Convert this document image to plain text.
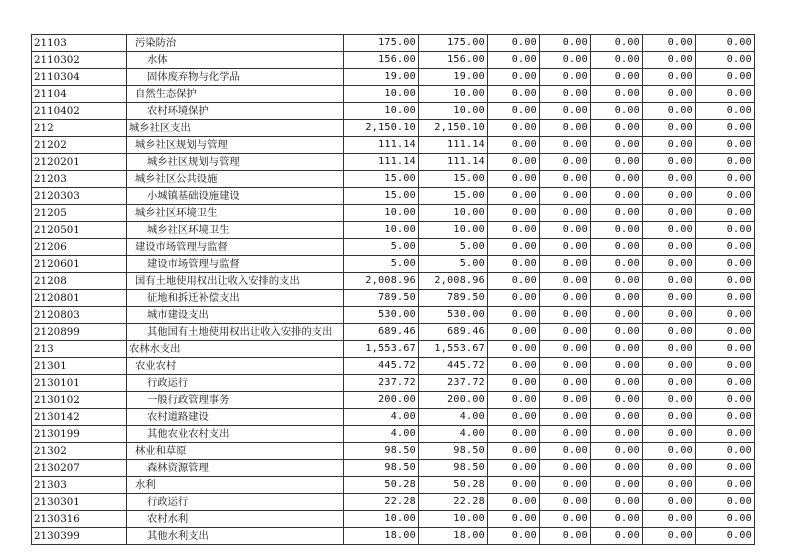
21103	污染防治	175.00	175.00	0.00	0.00	0.00	0.00	0.00
2110302	水体	156.00	156.00	0.00	0.00	0.00	0.00	0.00
2110304	固体废弃物与化学品	19.00	19.00	0.00	0.00	0.00	0.00	0.00
21104	自然生态保护	10.00	10.00	0.00	0.00	0.00	0.00	0.00
2110402	农村环境保护	10.00	10.00	0.00	0.00	0.00	0.00	0.00
212	城乡社区支出	2,150.10	2,150.10	0.00	0.00	0.00	0.00	0.00
21202	城乡社区规划与管理	111.14	111.14	0.00	0.00	0.00	0.00	0.00
2120201	城乡社区规划与管理	111.14	111.14	0.00	0.00	0.00	0.00	0.00
21203	城乡社区公共设施	15.00	15.00	0.00	0.00	0.00	0.00	0.00
2120303	小城镇基础设施建设	15.00	15.00	0.00	0.00	0.00	0.00	0.00
21205	城乡社区环境卫生	10.00	10.00	0.00	0.00	0.00	0.00	0.00
2120501	城乡社区环境卫生	10.00	10.00	0.00	0.00	0.00	0.00	0.00
21206	建设市场管理与监督	5.00	5.00	0.00	0.00	0.00	0.00	0.00
2120601	建设市场管理与监督	5.00	5.00	0.00	0.00	0.00	0.00	0.00
21208	国有土地使用权出让收入安排的支出	2,008.96	2,008.96	0.00	0.00	0.00	0.00	0.00
2120801	征地和拆迁补偿支出	789.50	789.50	0.00	0.00	0.00	0.00	0.00
2120803	城市建设支出	530.00	530.00	0.00	0.00	0.00	0.00	0.00
2120899	其他国有土地使用权出让收入安排的支出	689.46	689.46	0.00	0.00	0.00	0.00	0.00
213	农林水支出	1,553.67	1,553.67	0.00	0.00	0.00	0.00	0.00
21301	农业农村	445.72	445.72	0.00	0.00	0.00	0.00	0.00
2130101	行政运行	237.72	237.72	0.00	0.00	0.00	0.00	0.00
2130102	一般行政管理事务	200.00	200.00	0.00	0.00	0.00	0.00	0.00
2130142	农村道路建设	4.00	4.00	0.00	0.00	0.00	0.00	0.00
2130199	其他农业农村支出	4.00	4.00	0.00	0.00	0.00	0.00	0.00
21302	林业和草原	98.50	98.50	0.00	0.00	0.00	0.00	0.00
2130207	森林资源管理	98.50	98.50	0.00	0.00	0.00	0.00	0.00
21303	水利	50.28	50.28	0.00	0.00	0.00	0.00	0.00
2130301	行政运行	22.28	22.28	0.00	0.00	0.00	0.00	0.00
2130316	农村水利	10.00	10.00	0.00	0.00	0.00	0.00	0.00
2130399	其他水利支出	18.00	18.00	0.00	0.00	0.00	0.00	0.00
